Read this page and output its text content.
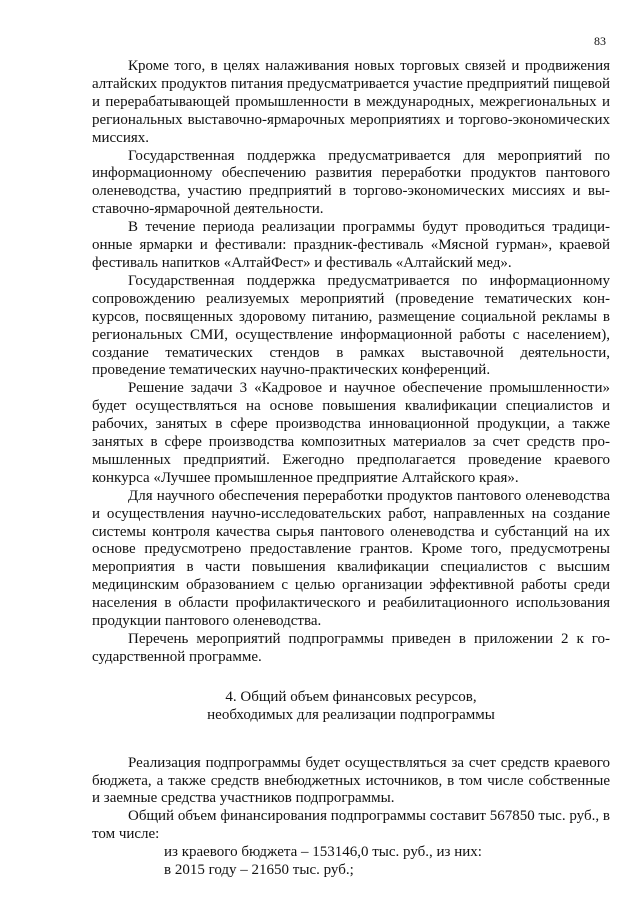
83

Кроме того, в целях налаживания новых торговых связей и продвижения алтайских продуктов питания предусматривается участие предприятий пищевой и перерабатывающей промышленности в международных, межрегиональных и региональных выставочно-ярмарочных мероприятиях и торгово-экономических миссиях.

Государственная поддержка предусматривается для мероприятий по информационному обеспечению развития переработки продуктов пантового оленеводства, участию предприятий в торгово-экономических миссиях и выставочно-ярмарочной деятельности.

В течение периода реализации программы будут проводиться традиционные ярмарки и фестивали: праздник-фестиваль «Мясной гурман», краевой фестиваль напитков «АлтайФест» и фестиваль «Алтайский мед».

Государственная поддержка предусматривается по информационному сопровождению реализуемых мероприятий (проведение тематических конкурсов, посвященных здоровому питанию, размещение социальной рекламы в региональных СМИ, осуществление информационной работы с населением), создание тематических стендов в рамках выставочной деятельности, проведение тематических научно-практических конференций.

Решение задачи 3 «Кадровое и научное обеспечение промышленности» будет осуществляться на основе повышения квалификации специалистов и рабочих, занятых в сфере производства инновационной продукции, а также занятых в сфере производства композитных материалов за счет средств промышленных предприятий. Ежегодно предполагается проведение краевого конкурса «Лучшее промышленное предприятие Алтайского края».

Для научного обеспечения переработки продуктов пантового оленеводства и осуществления научно-исследовательских работ, направленных на создание системы контроля качества сырья пантового оленеводства и субстанций на их основе предусмотрено предоставление грантов. Кроме того, предусмотрены мероприятия в части повышения квалификации специалистов с высшим медицинским образованием с целью организации эффективной работы среди населения в области профилактического и реабилитационного использования продукции пантового оленеводства.

Перечень мероприятий подпрограммы приведен в приложении 2 к государственной программе.

4. Общий объем финансовых ресурсов,
необходимых для реализации подпрограммы

Реализация подпрограммы будет осуществляться за счет средств краевого бюджета, а также средств внебюджетных источников, в том числе собственные и заемные средства участников подпрограммы.

Общий объем финансирования подпрограммы составит 567850 тыс. руб., в том числе:

из краевого бюджета – 153146,0 тыс. руб., из них:

в 2015 году – 21650 тыс. руб.;
